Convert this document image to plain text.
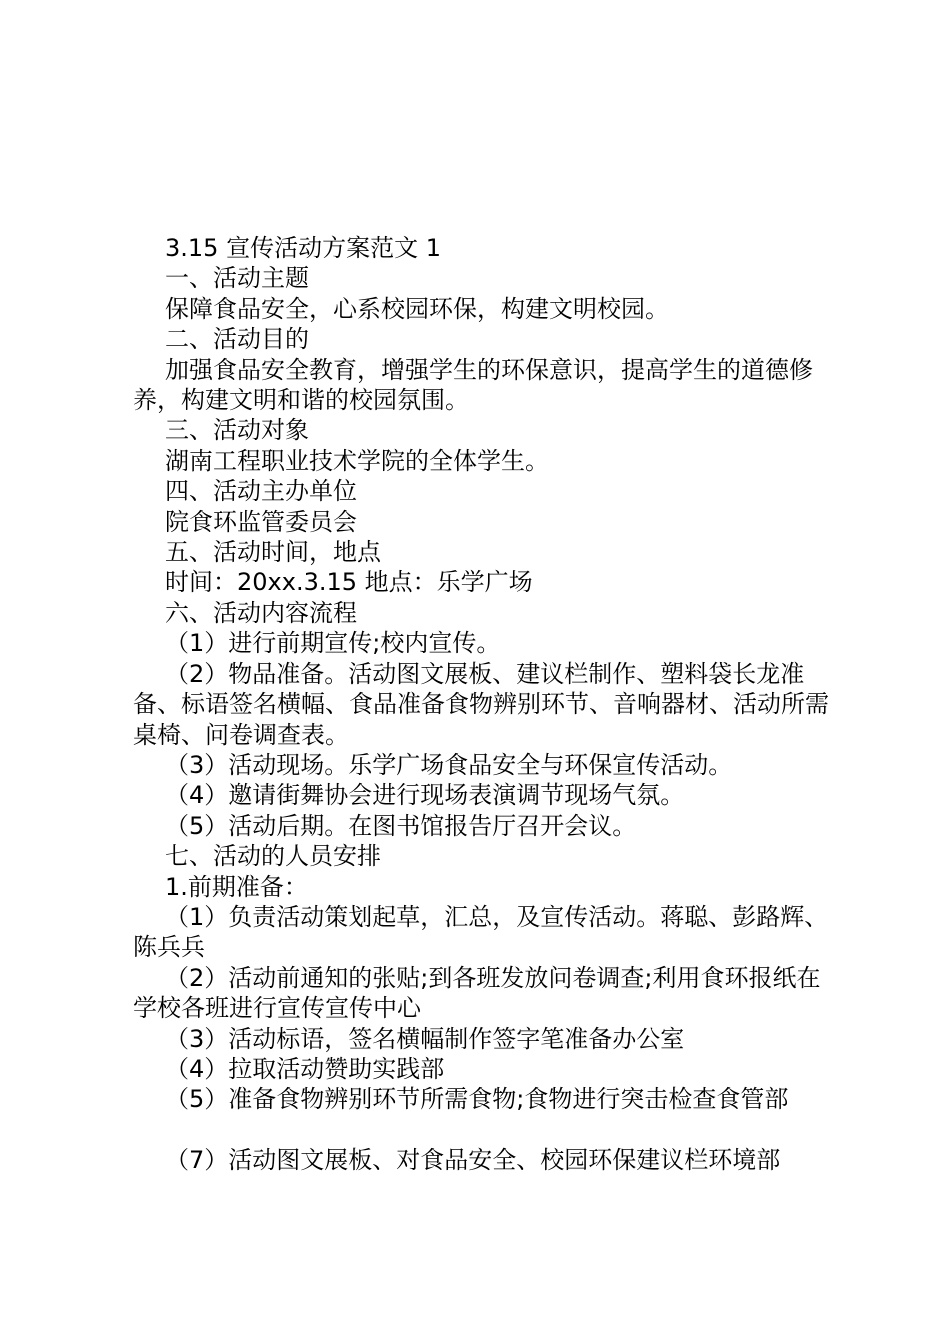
3.15 宣传活动方案范文 1

一、活动主题

保障食品安全，心系校园环保，构建文明校园。

二、活动目的

加强食品安全教育，增强学生的环保意识，提高学生的道德修养，构建文明和谐的校园氛围。

三、活动对象

湖南工程职业技术学院的全体学生。

四、活动主办单位

院食环监管委员会

五、活动时间，地点

时间：20xx.3.15 地点：乐学广场

六、活动内容流程

（1）进行前期宣传;校内宣传。

（2）物品准备。活动图文展板、建议栏制作、塑料袋长龙准备、标语签名横幅、食品准备食物辨别环节、音响器材、活动所需桌椅、问卷调查表。

（3）活动现场。乐学广场食品安全与环保宣传活动。

（4）邀请街舞协会进行现场表演调节现场气氛。

（5）活动后期。在图书馆报告厅召开会议。

七、活动的人员安排

1.前期准备：

（1）负责活动策划起草，汇总，及宣传活动。蒋聪、彭路辉、陈兵兵

（2）活动前通知的张贴;到各班发放问卷调查;利用食环报纸在学校各班进行宣传宣传中心

（3）活动标语，签名横幅制作签字笔准备办公室

（4）拉取活动赞助实践部

（5）准备食物辨别环节所需食物;食物进行突击检查食管部

（7）活动图文展板、对食品安全、校园环保建议栏环境部
